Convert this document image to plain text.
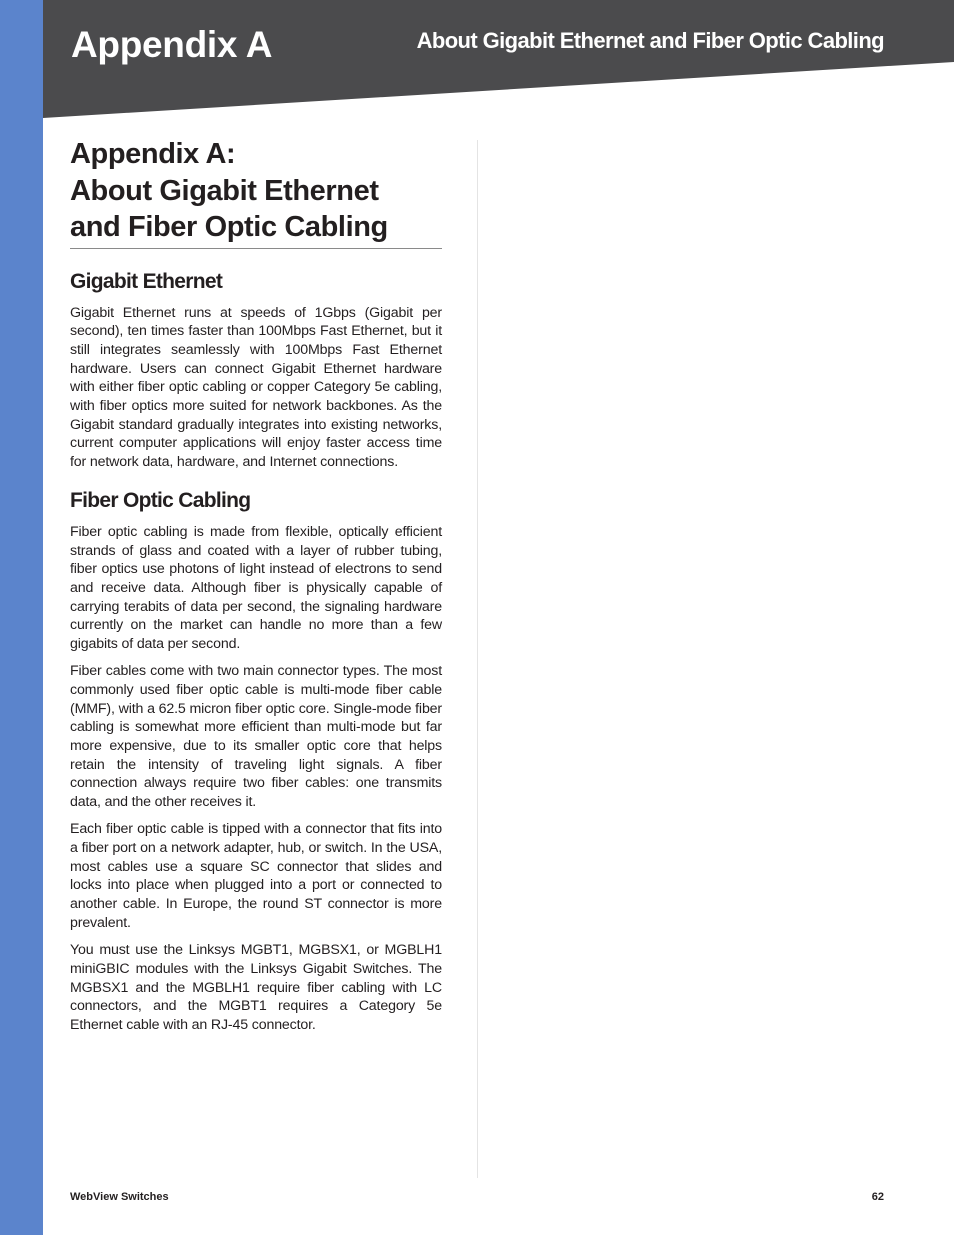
Appendix A	About Gigabit Ethernet and Fiber Optic Cabling
Appendix A:
About Gigabit Ethernet
and Fiber Optic Cabling
Gigabit Ethernet

Gigabit Ethernet runs at speeds of 1Gbps (Gigabit per second), ten times faster than 100Mbps Fast Ethernet, but it still integrates seamlessly with 100Mbps Fast Ethernet hardware. Users can connect Gigabit Ethernet hardware with either fiber optic cabling or copper Category 5e cabling, with fiber optics more suited for network backbones. As the Gigabit standard gradually integrates into existing networks, current computer applications will enjoy faster access time for network data, hardware, and Internet connections.

Fiber Optic Cabling

Fiber optic cabling is made from flexible, optically efficient strands of glass and coated with a layer of rubber tubing, fiber optics use photons of light instead of electrons to send and receive data. Although fiber is physically capable of carrying terabits of data per second, the signaling hardware currently on the market can handle no more than a few gigabits of data per second.

Fiber cables come with two main connector types. The most commonly used fiber optic cable is multi-mode fiber cable (MMF), with a 62.5 micron fiber optic core. Single-mode fiber cabling is somewhat more efficient than multi-mode but far more expensive, due to its smaller optic core that helps retain the intensity of traveling light signals. A fiber connection always require two fiber cables: one transmits data, and the other receives it.

Each fiber optic cable is tipped with a connector that fits into a fiber port on a network adapter, hub, or switch. In the USA, most cables use a square SC connector that slides and locks into place when plugged into a port or connected to another cable. In Europe, the round ST connector is more prevalent.

You must use the Linksys MGBT1, MGBSX1, or MGBLH1 miniGBIC modules with the Linksys Gigabit Switches. The MGBSX1 and the MGBLH1 require fiber cabling with LC connectors, and the MGBT1 requires a Category 5e Ethernet cable with an RJ-45 connector.

WebView Switches	62
